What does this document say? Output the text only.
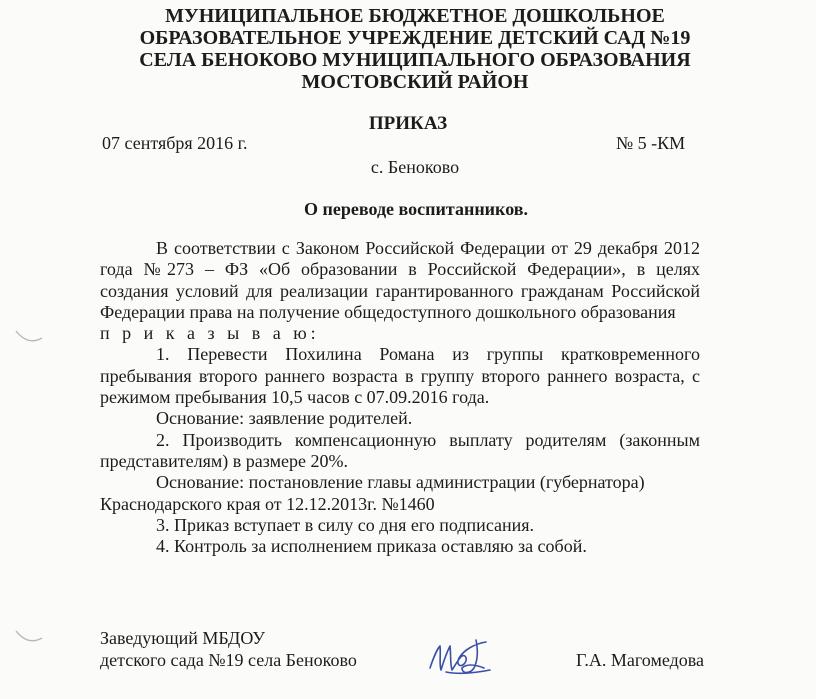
МУНИЦИПАЛЬНОЕ БЮДЖЕТНОЕ ДОШКОЛЬНОЕ
ОБРАЗОВАТЕЛЬНОЕ УЧРЕЖДЕНИЕ ДЕТСКИЙ САД №19
СЕЛА БЕНОКОВО МУНИЦИПАЛЬНОГО ОБРАЗОВАНИЯ
МОСТОВСКИЙ РАЙОН
ПРИКАЗ
07 сентября 2016 г.	№ 5 -КМ
с. Беноково
О переводе воспитанников.

В соответствии с Законом Российской Федерации от 29 декабря 2012 года №273 – ФЗ «Об образовании в Российской Федерации», в целях создания условий для реализации гарантированного гражданам Российской Федерации права на получение общедоступного дошкольного образования

п р и к а з ы в а ю:

1. Перевести Похилина Романа из группы кратковременного пребывания второго раннего возраста в группу второго раннего возраста, с режимом пребывания 10,5 часов с 07.09.2016 года.

Основание: заявление родителей.

2. Производить компенсационную выплату родителям (законным представителям) в размере 20%.

Основание: постановление главы администрации (губернатора) Краснодарского края от 12.12.2013г. №1460

3. Приказ вступает в силу со дня его подписания.

4. Контроль за исполнением приказа оставляю за собой.

Заведующий МБДОУ
детского сада №19 села Беноково	Г.А. Магомедова
